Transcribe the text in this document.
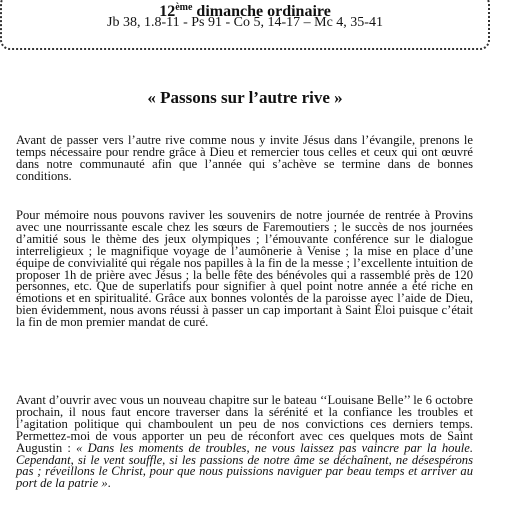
12ème dimanche ordinaire
Jb 38, 1.8-11 - Ps 91 - Co 5, 14-17 – Mc 4, 35-41
« Passons sur l’autre rive »

Avant de passer vers l’autre rive comme nous y invite Jésus dans l’évangile, prenons le temps nécessaire pour rendre grâce à Dieu et remercier tous celles et ceux qui ont œuvré dans notre communauté afin que l’année qui s’achève se termine dans de bonnes conditions.

Pour mémoire nous pouvons raviver les souvenirs de notre journée de rentrée à Provins avec une nourrissante escale chez les sœurs de Faremoutiers ; le succès de nos journées d’amitié sous le thème des jeux olympiques ; l’émouvante conférence sur le dialogue interreligieux ; le magnifique voyage de l’aumônerie à Venise ; la mise en place d’une équipe de convivialité qui régale nos papilles à la fin de la messe ; l’excellente intuition de proposer 1h de prière avec Jésus ; la belle fête des bénévoles qui a rassemblé près de 120 personnes, etc. Que de superlatifs pour signifier à quel point notre année a été riche en émotions et en spiritualité. Grâce aux bonnes volontés de la paroisse avec l’aide de Dieu, bien évidemment, nous avons réussi à passer un cap important à Saint Éloi puisque c’était la fin de mon premier mandat de curé.

Avant d’ouvrir avec vous un nouveau chapitre sur le bateau ‘‘Louisane Belle’’ le 6 octobre prochain, il nous faut encore traverser dans la sérénité et la confiance les troubles et l’agitation politique qui chamboulent un peu de nos convictions ces derniers temps. Permettez-moi de vous apporter un peu de réconfort avec ces quelques mots de Saint Augustin : « Dans les moments de troubles, ne vous laissez pas vaincre par la houle. Cependant, si le vent souffle, si les passions de notre âme se déchaînent, ne désespérons pas ; réveillons le Christ, pour que nous puissions naviguer par beau temps et arriver au port de la patrie ».
